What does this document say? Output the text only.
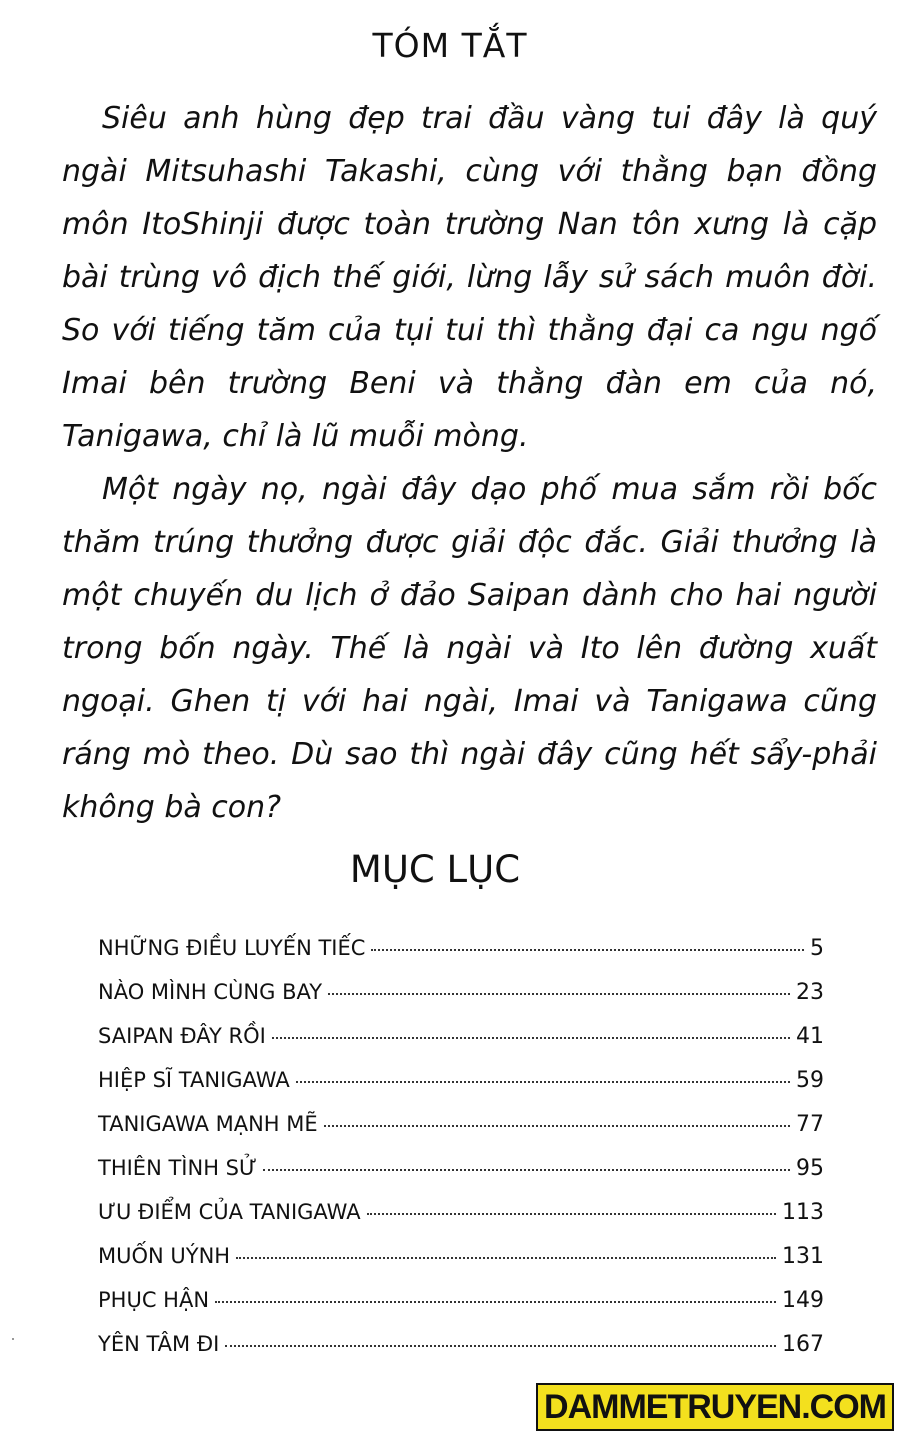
TÓM TẮT

Siêu anh hùng đẹp trai đầu vàng tui đây là quý ngài Mitsuhashi Takashi, cùng với thằng bạn đồng môn ItoShinji được toàn trường Nan tôn xưng là cặp bài trùng vô địch thế giới, lừng lẫy sử sách muôn đời. So với tiếng tăm của tụi tui thì thằng đại ca ngu ngố Imai bên trường Beni và thằng đàn em của nó, Tanigawa, chỉ là lũ muỗi mòng.

Một ngày nọ, ngài đây dạo phố mua sắm rồi bốc thăm trúng thưởng được giải độc đắc. Giải thưởng là một chuyến du lịch ở đảo Saipan dành cho hai người trong bốn ngày. Thế là ngài và Ito lên đường xuất ngoại. Ghen tị với hai ngài, Imai và Tanigawa cũng ráng mò theo. Dù sao thì ngài đây cũng hết sẩy-phải không bà con?

MỤC LỤC
NHỮNG ĐIỀU LUYẾN TIẾC	5
NÀO MÌNH CÙNG BAY	23
SAIPAN ĐÂY RỒI	41
HIỆP SĨ TANIGAWA	59
TANIGAWA MẠNH MẼ	77
THIÊN TÌNH SỬ	95
ƯU ĐIỂM CỦA TANIGAWA	113
MUỐN UÝNH	131
PHỤC HẬN	149
YÊN TÂM ĐI	167
DAMMETRUYEN.COM
